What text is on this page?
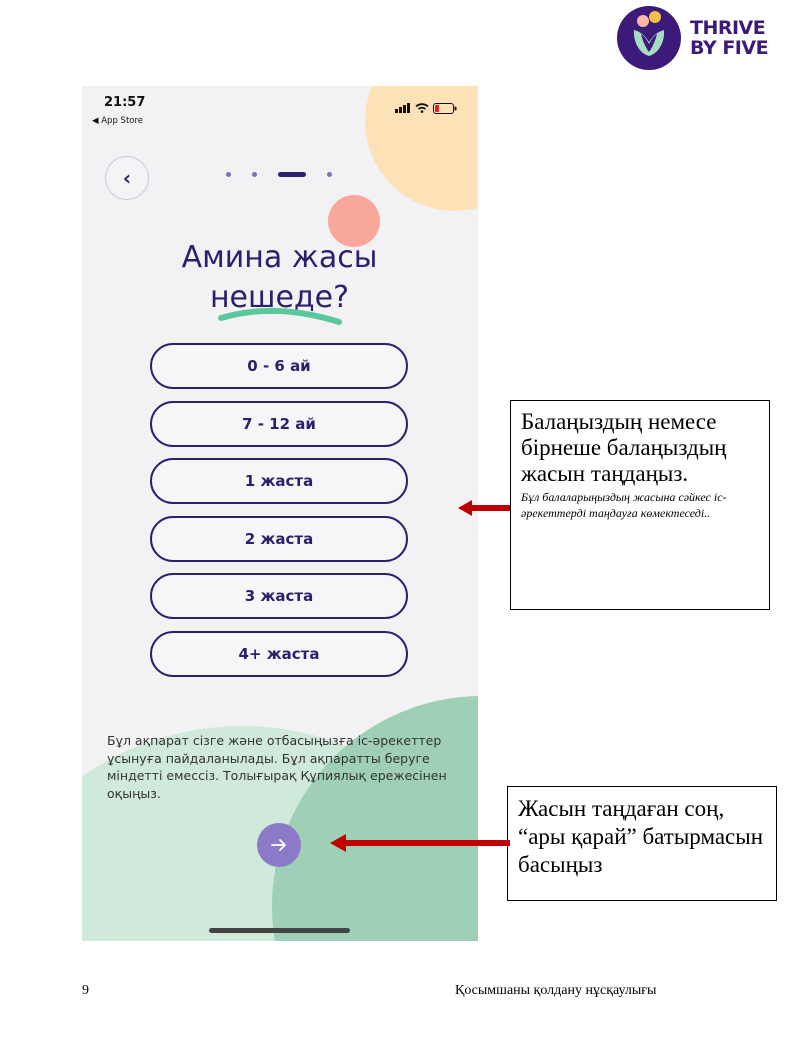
THRIVE
BY FIVE
21:57
◀ App Store
‹
Амина жасы
нешеде?
0 - 6 ай
7 - 12 ай
1 жаста
2 жаста
3 жаста
4+ жаста
Бұл ақпарат сізге және отбасыңызға іс-әрекеттер ұсынуға пайдаланылады. Бұл ақпаратты беруге міндетті емессіз. Толығырақ Құпиялық ережесінен оқыңыз.
Балаңыздың немесе бірнеше балаңыздың жасын таңдаңыз.
Бұл балаларыңыздың жасына сәйкес іс-әрекеттерді таңдауға көмектеседі..
Жасын таңдаған соң, “ары қарай” батырмасын басыңыз
9	Қосымшаны қолдану нұсқаулығы
